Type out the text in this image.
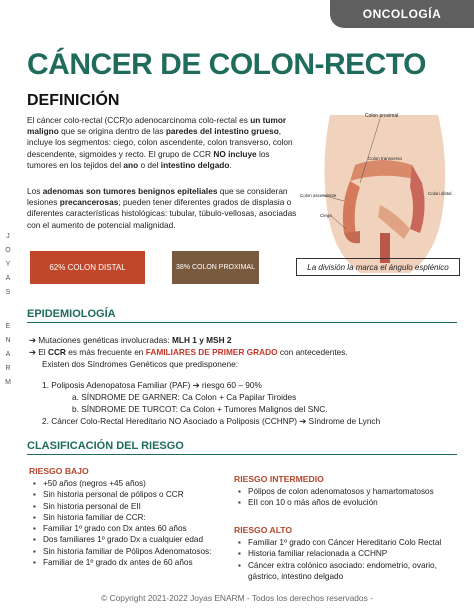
ONCOLOGÍA
J
O
Y
A
S
E
N
A
R
M
CÁNCER DE COLON-RECTO
DEFINICIÓN
El cáncer colo-rectal (CCR)o adenocarcinoma colo-rectal es un tumor maligno que se origina dentro de las paredes del intestino grueso, incluye los segmentos: ciego, colon ascendente, colon transverso, colon descendente, sigmoides y recto. El grupo de CCR NO incluye los tumores en los tejidos del ano o del intestino delgado.
Los adenomas son tumores benignos epiteliales que se consideran lesiones precancerosas; pueden tener diferentes grados de displasia o diferentes características histológicas: tubular, túbulo-vellosas, asociadas con el aumento de potencial malignidad.
Colon proximal
Colon transverso
Colon ascendente
Ciego
Colon distal
62% COLON DISTAL	38% COLON PROXIMAL	La división la marca el ángulo esplénico
EPIDEMIOLOGÍA
➔ Mutaciones genéticas involucradas: MLH 1 y MSH 2
➔ El CCR es más frecuente en FAMILIARES DE PRIMER GRADO con antecedentes.
Existen dos Síndromes Genéticos que predisponene:
1. Poliposis Adenopatosa Familiar (PAF) ➔ riesgo 60 – 90%
a. SÍNDROME DE GARNER: Ca Colon + Ca Papilar Tiroides
b. SÍNDROME DE TURCOT: Ca Colon + Tumores Malignos del SNC.
2. Cáncer Colo-Rectal Hereditario NO Asociado a Poliposis (CCHNP) ➔ Síndrome de Lynch
CLASIFICACIÓN DEL RIESGO
RIESGO BAJO
▪ +50 años (negros +45 años)
▪ Sin historia personal de pólipos o CCR
▪ Sin historia personal de EII
▪ Sin historia familiar de CCR:
▪ Familiar 1º grado con Dx antes 60 años
▪ Dos familiares 1º grado Dx a cualquier edad
▪ Sin historia familiar de Pólipos Adenomatosos:
▪ Familiar de 1º grado dx antes de 60 años
RIESGO INTERMEDIO
▪ Pólipos de colon adenomatosos y hamartomatosos
▪ EII con 10 o más años de evolución
RIESGO ALTO
▪ Familiar 1º grado con Cáncer Hereditario Colo Rectal
▪ Historia familiar relacionada a CCHNP
▪ Cáncer extra colónico asociado: endometrio, ovario,
gástrico, intestino delgado
© Copyright 2021-2022 Joyas ENARM - Todos los derechos reservados -
